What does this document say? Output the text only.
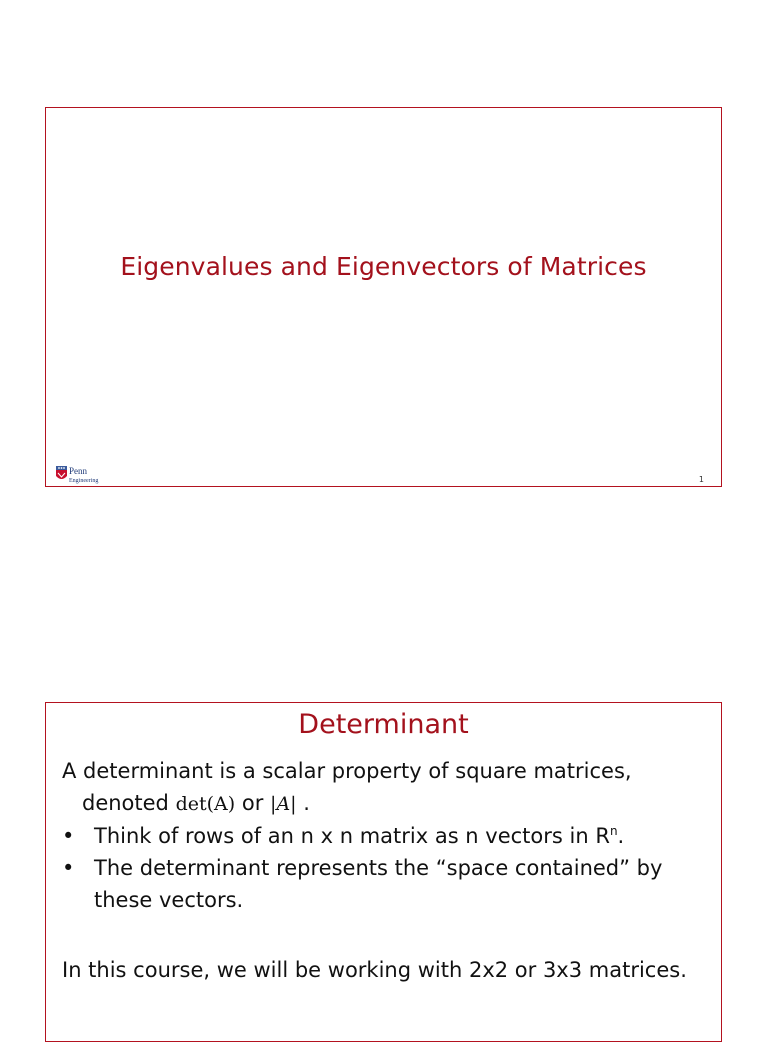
Eigenvalues and Eigenvectors of Matrices
Penn
Engineering	1
Determinant

A determinant is a scalar property of square matrices,
denoted det(A) or |A| .

• Think of rows of an n x n matrix as n vectors in $R^n$.
• The determinant represents the “space contained” by these vectors.

In this course, we will be working with 2x2 or 3x3 matrices.
